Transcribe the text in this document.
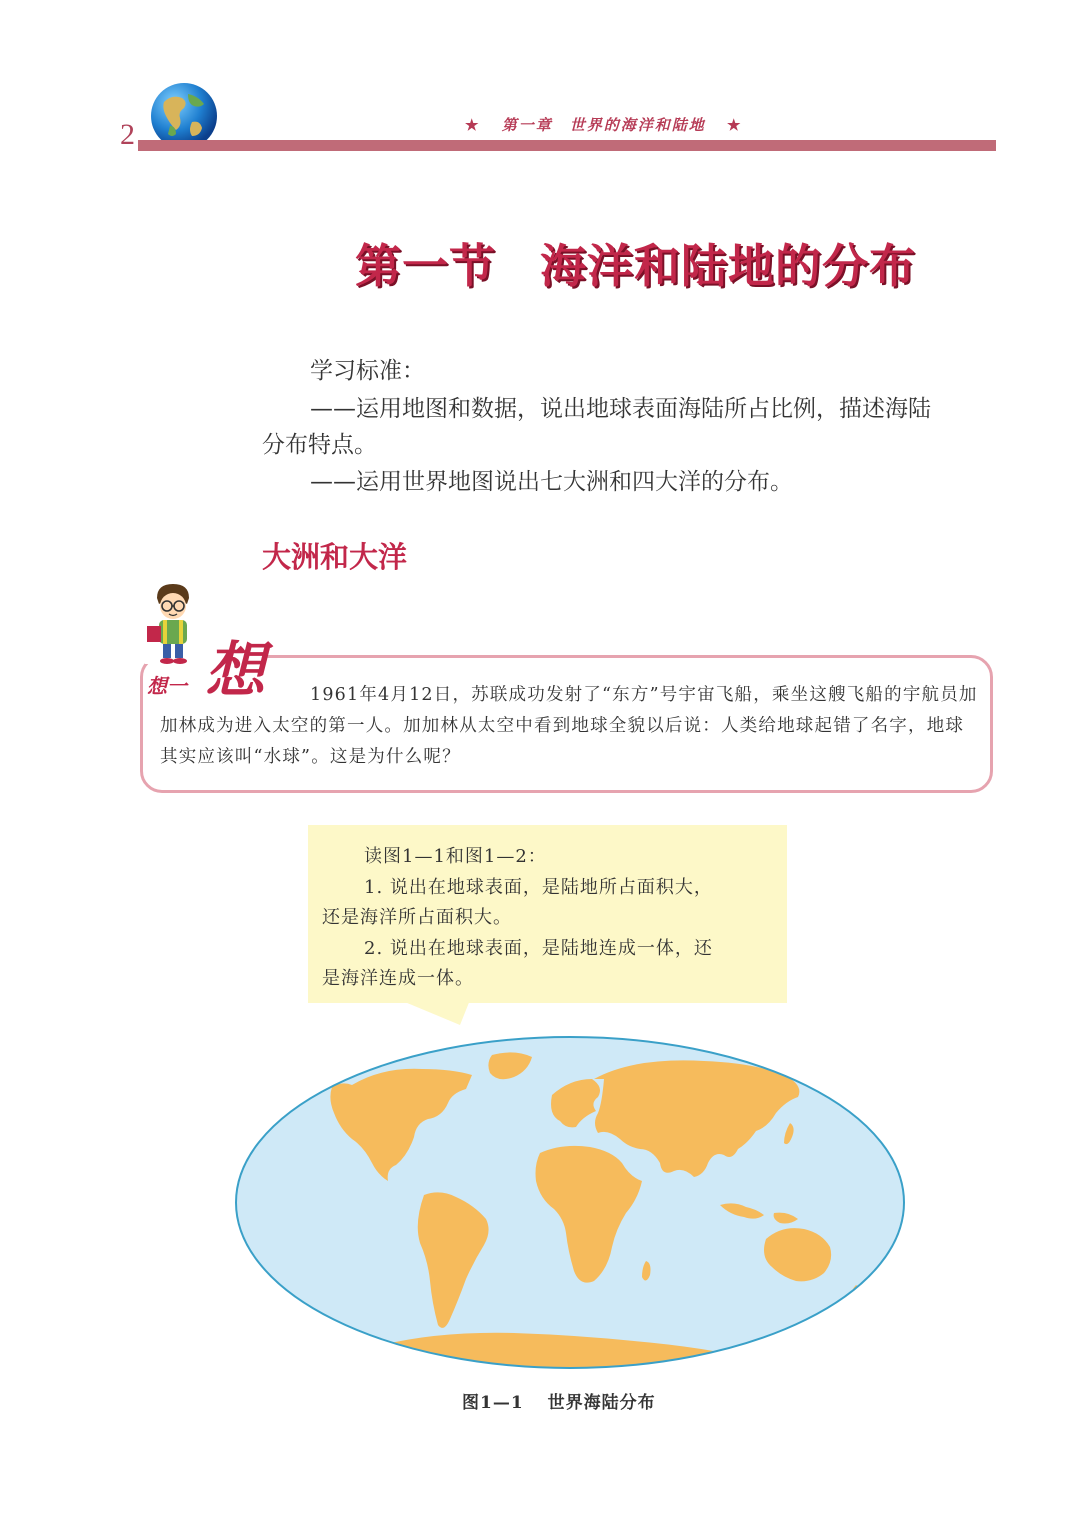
2	★ 第一章　世界的海洋和陆地 ★
第一节 海洋和陆地的分布
学习标准：
——运用地图和数据，说出地球表面海陆所占比例，描述海陆
分布特点。
——运用世界地图说出七大洲和四大洋的分布。
大洲和大洋
想一 想	1961年4月12日，苏联成功发射了“东方”号宇宙飞船，乘坐这艘飞船的宇航员加加林成为进入太空的第一人。加加林从太空中看到地球全貌以后说：人类给地球起错了名字，地球其实应该叫“水球”。这是为什么呢？
读图1—1和图1—2：
1. 说出在地球表面，是陆地所占面积大，
还是海洋所占面积大。
2. 说出在地球表面，是陆地连成一体，还
是海洋连成一体。
图1—1 世界海陆分布
